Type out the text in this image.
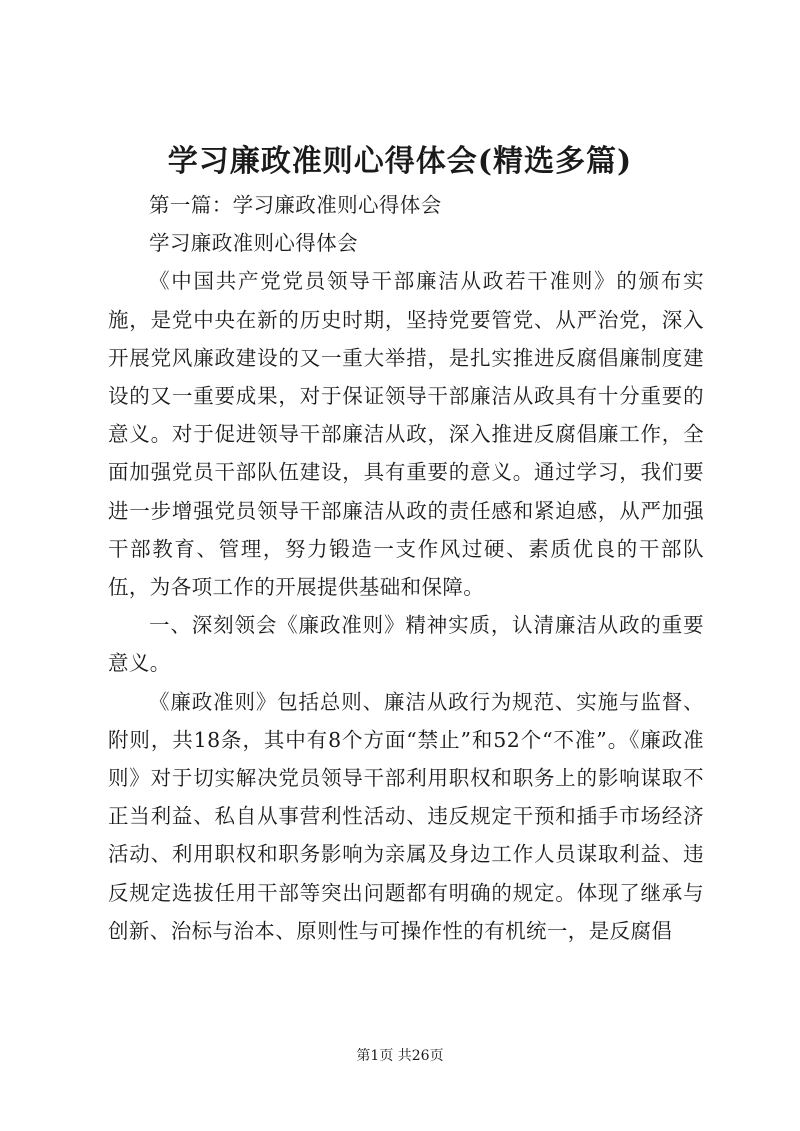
学习廉政准则心得体会(精选多篇)

第一篇：学习廉政准则心得体会

学习廉政准则心得体会

《中国共产党党员领导干部廉洁从政若干准则》的颁布实施，是党中央在新的历史时期，坚持党要管党、从严治党，深入开展党风廉政建设的又一重大举措，是扎实推进反腐倡廉制度建设的又一重要成果，对于保证领导干部廉洁从政具有十分重要的意义。对于促进领导干部廉洁从政，深入推进反腐倡廉工作，全面加强党员干部队伍建设，具有重要的意义。通过学习，我们要进一步增强党员领导干部廉洁从政的责任感和紧迫感，从严加强干部教育、管理，努力锻造一支作风过硬、素质优良的干部队伍，为各项工作的开展提供基础和保障。

一、深刻领会《廉政准则》精神实质，认清廉洁从政的重要意义。

《廉政准则》包括总则、廉洁从政行为规范、实施与监督、附则，共18条，其中有8个方面“禁止”和52个“不准”。《廉政准则》对于切实解决党员领导干部利用职权和职务上的影响谋取不正当利益、私自从事营利性活动、违反规定干预和插手市场经济活动、利用职权和职务影响为亲属及身边工作人员谋取利益、违反规定选拔任用干部等突出问题都有明确的规定。体现了继承与创新、治标与治本、原则性与可操作性的有机统一，是反腐倡

第1页 共26页
